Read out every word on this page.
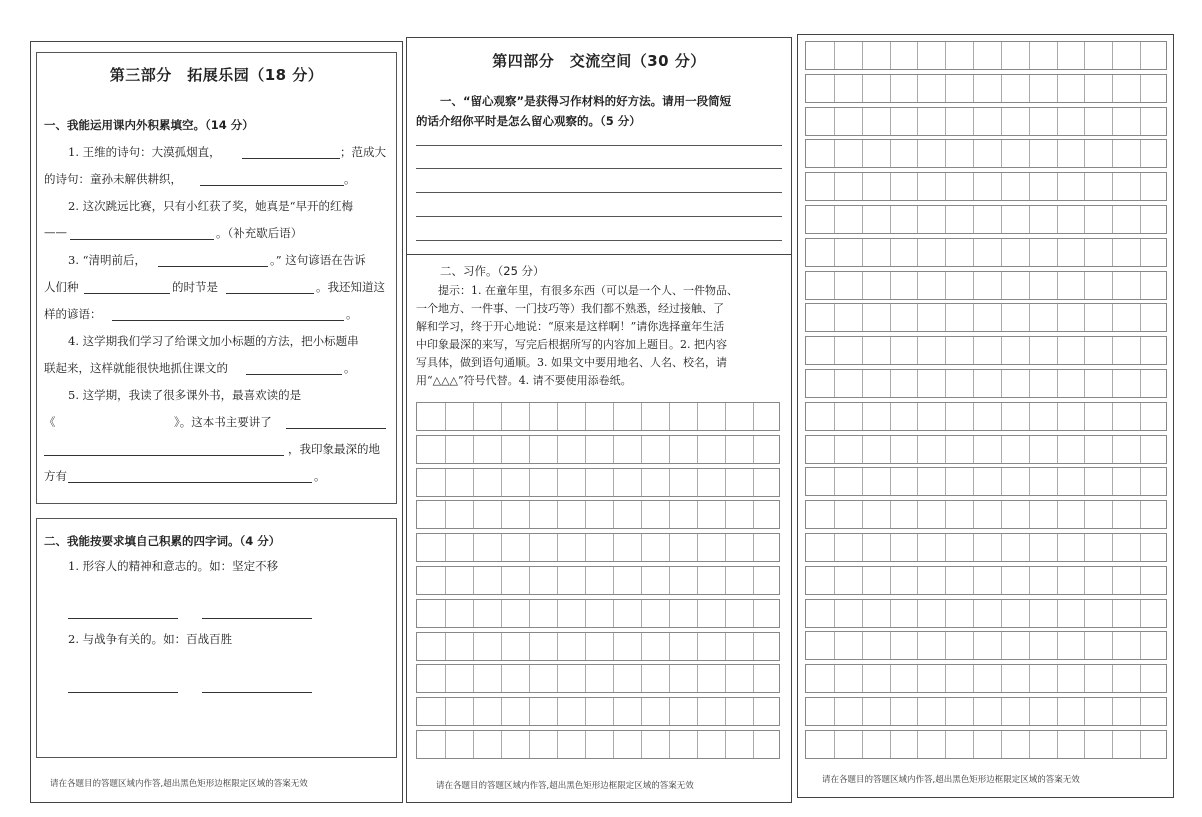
第三部分　拓展乐园（18 分）
一、我能运用课内外积累填空。（14 分）
1. 王维的诗句：大漠孤烟直，	；范成大
的诗句：童孙未解供耕织，	。
2. 这次跳远比赛，只有小红获了奖，她真是“早开的红梅
——	。（补充歇后语）
3. “清明前后，	。” 这句谚语在告诉
人们种	的时节是	。我还知道这
样的谚语：	。
4. 这学期我们学习了给课文加小标题的方法，把小标题串
联起来，这样就能很快地抓住课文的	。
5. 这学期，我读了很多课外书，最喜欢读的是
《	》。这本书主要讲了
，我印象最深的地
方有	。
二、我能按要求填自己积累的四字词。（4 分）
1. 形容人的精神和意志的。如：坚定不移
2. 与战争有关的。如：百战百胜
请在各题目的答题区域内作答,超出黑色矩形边框限定区域的答案无效
第四部分　交流空间（30 分）
一、“留心观察”是获得习作材料的好方法。请用一段简短
的话介绍你平时是怎么留心观察的。（5 分）
二、习作。（25 分）
提示：1. 在童年里，有很多东西（可以是一个人、一件物品、
一个地方、一件事、一门技巧等）我们都不熟悉，经过接触、了
解和学习，终于开心地说：“原来是这样啊！”请你选择童年生活
中印象最深的来写，写完后根据所写的内容加上题目。2. 把内容
写具体，做到语句通顺。3. 如果文中要用地名、人名、校名，请
用“△△△”符号代替。4. 请不要使用添卷纸。
请在各题目的答题区域内作答,超出黑色矩形边框限定区域的答案无效
请在各题目的答题区域内作答,超出黑色矩形边框限定区域的答案无效
